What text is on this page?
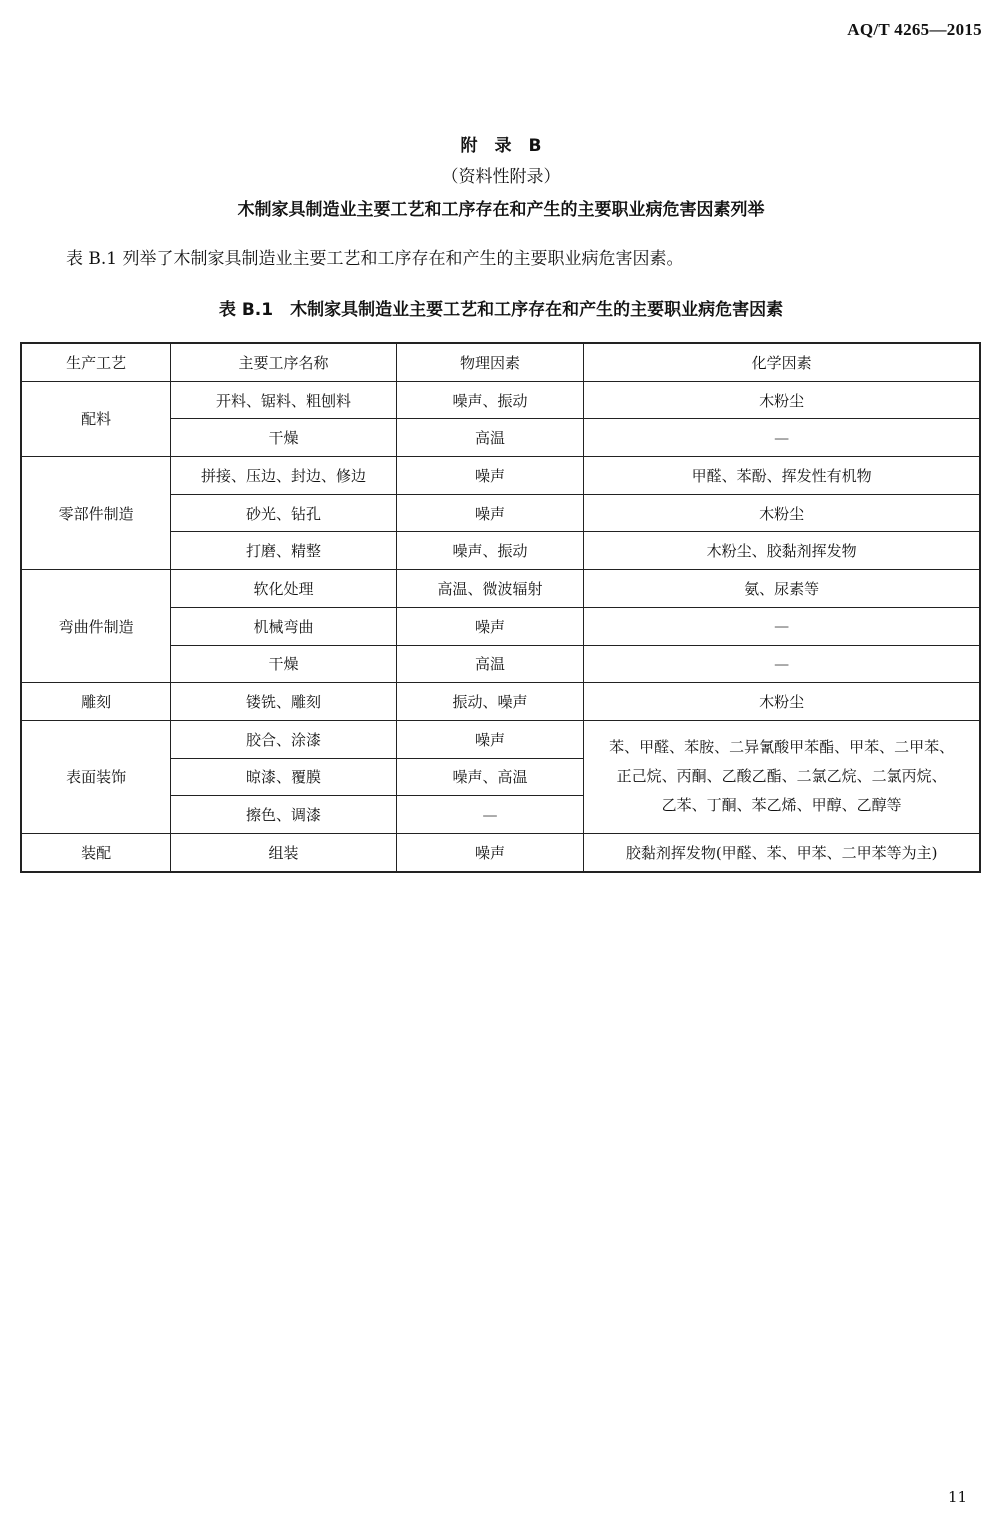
AQ/T 4265—2015
附　录　B
（资料性附录）
木制家具制造业主要工艺和工序存在和产生的主要职业病危害因素列举
表 B.1 列举了木制家具制造业主要工艺和工序存在和产生的主要职业病危害因素。
表 B.1　木制家具制造业主要工艺和工序存在和产生的主要职业病危害因素
生产工艺	主要工序名称	物理因素	化学因素
配料	开料、锯料、粗刨料	噪声、振动	木粉尘
	干燥	高温	—
零部件制造	拼接、压边、封边、修边	噪声	甲醛、苯酚、挥发性有机物
	砂光、钻孔	噪声	木粉尘
	打磨、精整	噪声、振动	木粉尘、胶黏剂挥发物
弯曲件制造	软化处理	高温、微波辐射	氨、尿素等
	机械弯曲	噪声	—
	干燥	高温	—
雕刻	镂铣、雕刻	振动、噪声	木粉尘
表面装饰	胶合、涂漆	噪声	苯、甲醛、苯胺、二异氰酸甲苯酯、甲苯、二甲苯、
正己烷、丙酮、乙酸乙酯、二氯乙烷、二氯丙烷、
乙苯、丁酮、苯乙烯、甲醇、乙醇等

	晾漆、覆膜	噪声、高温	
	擦色、调漆	—	
装配	组装	噪声	胶黏剂挥发物(甲醛、苯、甲苯、二甲苯等为主)
11
